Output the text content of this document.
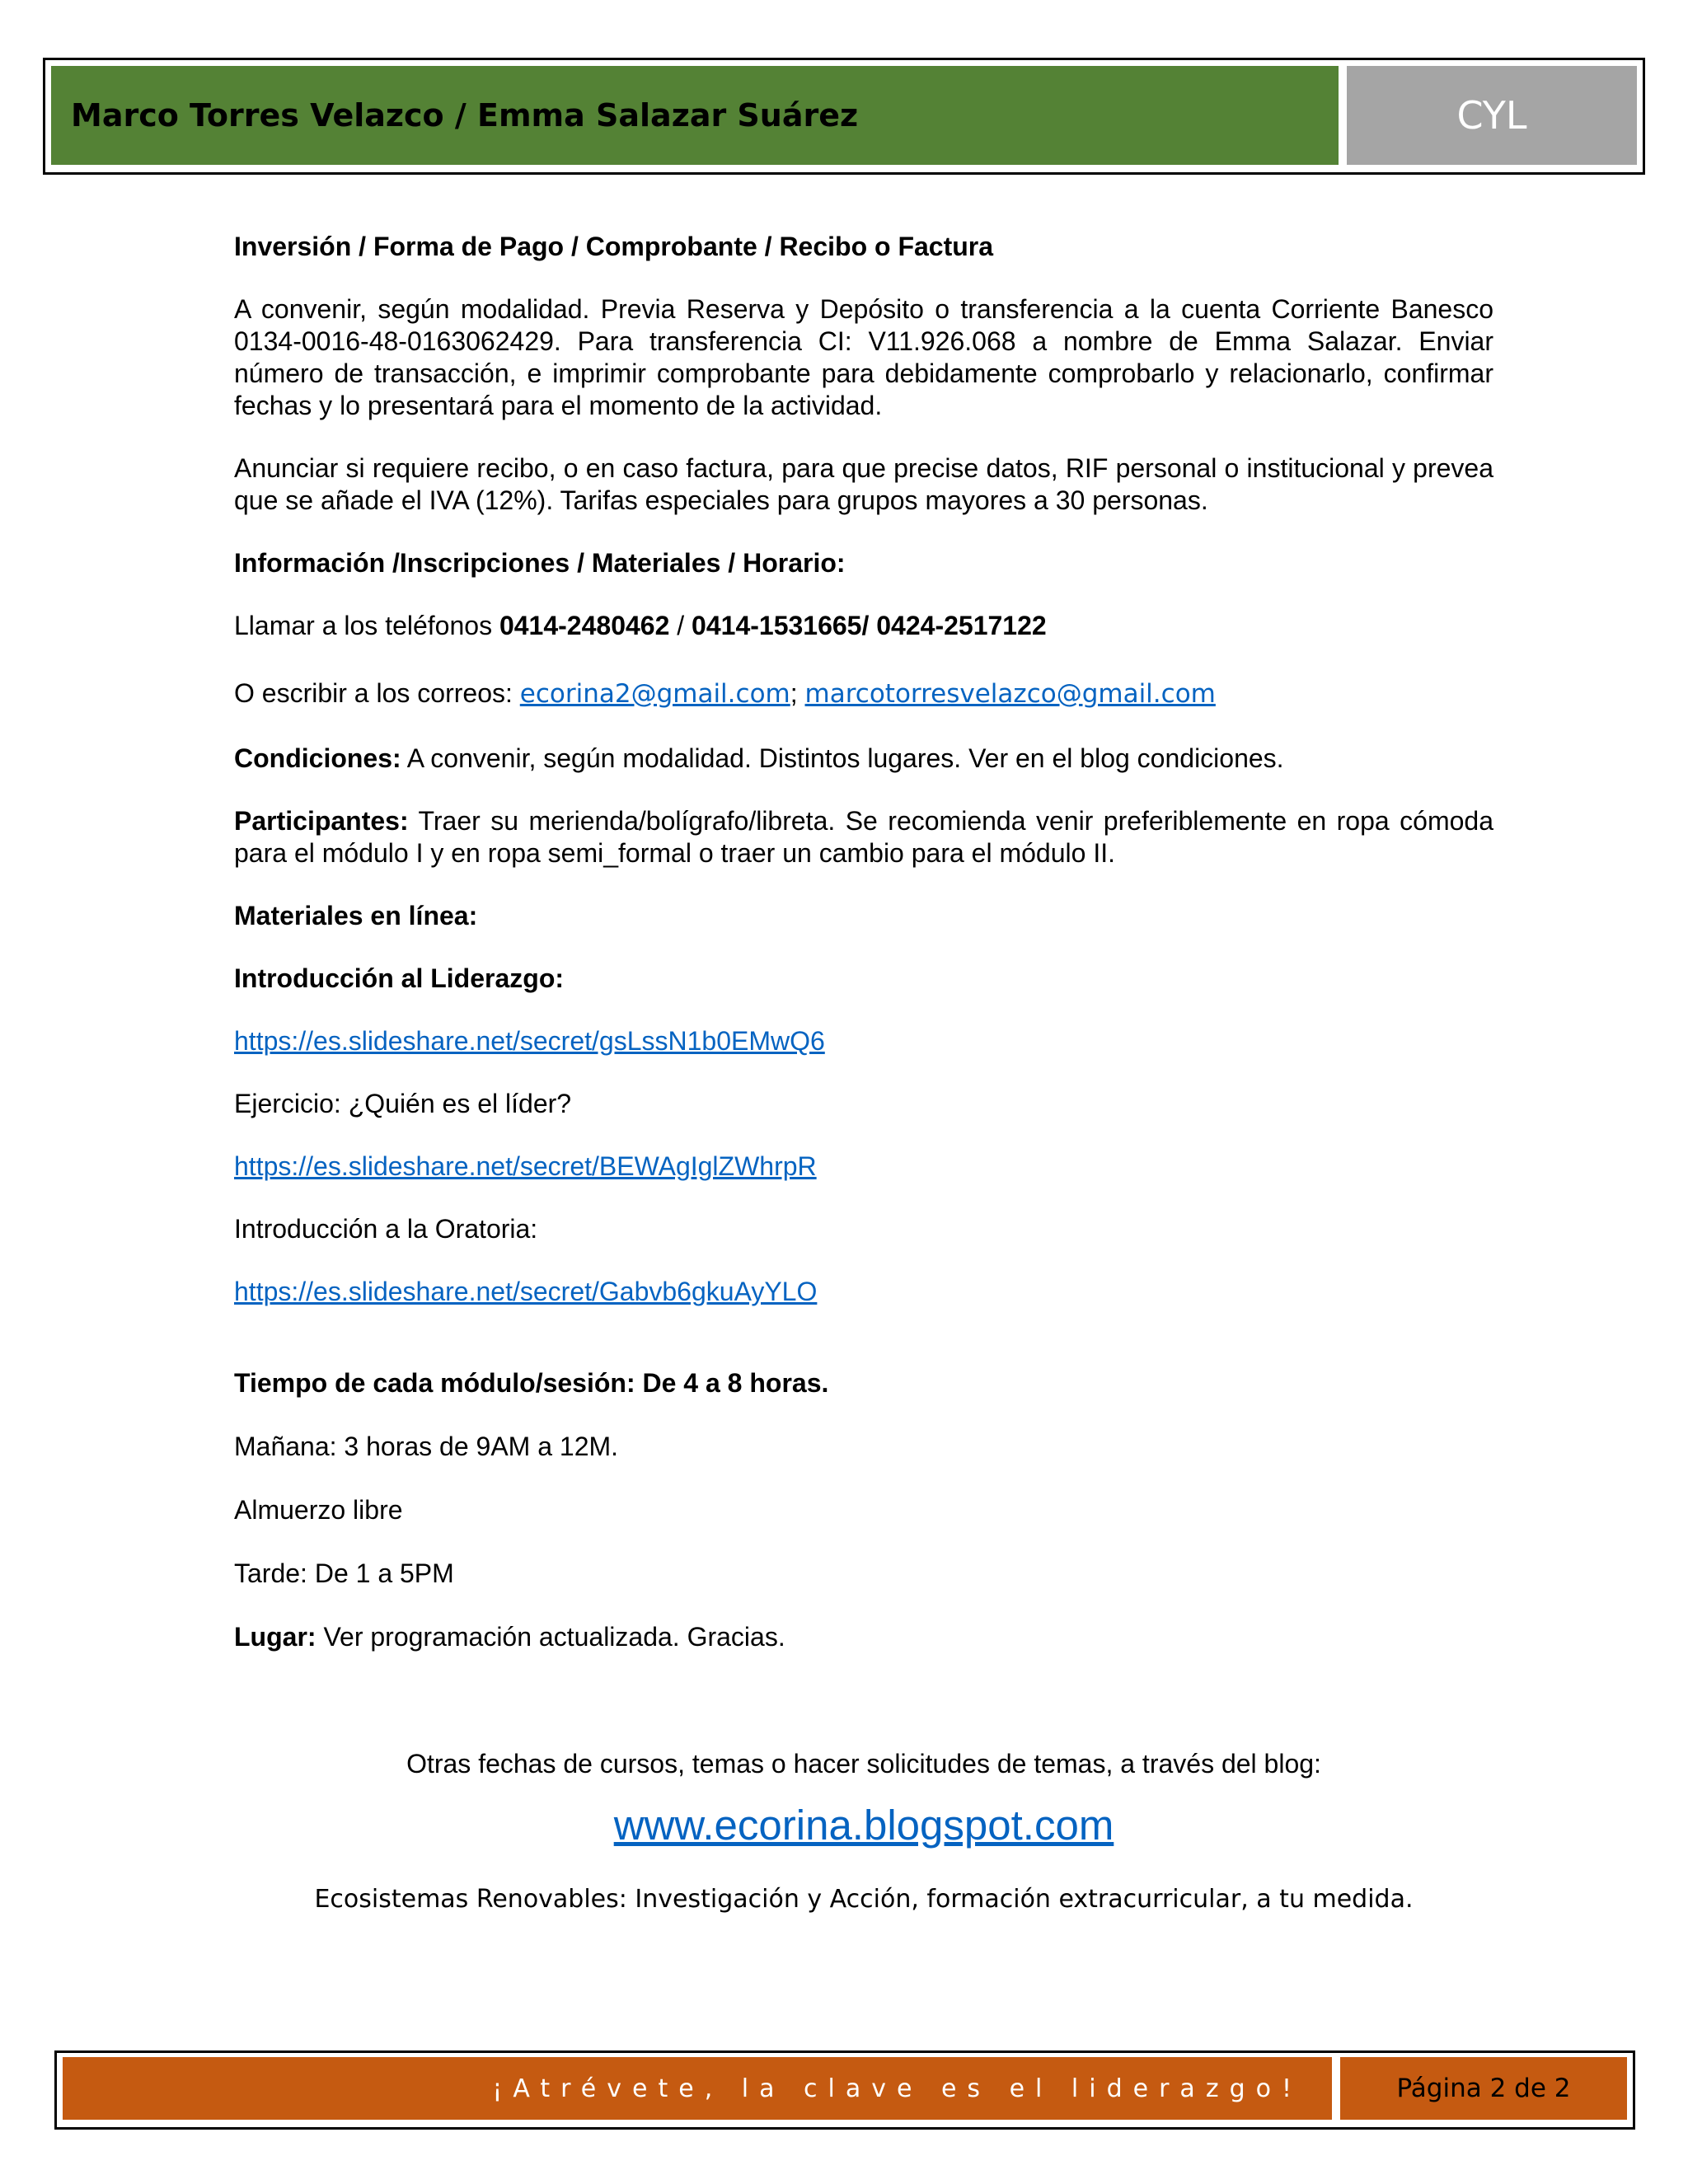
Marco Torres Velazco / Emma Salazar Suárez	CYL

Inversión / Forma de Pago / Comprobante / Recibo o Factura

A convenir, según modalidad. Previa Reserva y Depósito o transferencia a la cuenta Corriente Banesco 0134-0016-48-0163062429. Para transferencia CI: V11.926.068 a nombre de Emma Salazar. Enviar número de transacción, e imprimir comprobante para debidamente comprobarlo y relacionarlo, confirmar fechas y lo presentará para el momento de la actividad.

Anunciar si requiere recibo, o en caso factura, para que precise datos, RIF personal o institucional y prevea que se añade el IVA (12%). Tarifas especiales para grupos mayores a 30 personas.

Información /Inscripciones / Materiales / Horario:

Llamar a los teléfonos 0414-2480462 / 0414-1531665/ 0424-2517122

O escribir a los correos: ecorina2@gmail.com; marcotorresvelazco@gmail.com

Condiciones: A convenir, según modalidad. Distintos lugares. Ver en el blog condiciones.

Participantes: Traer su merienda/bolígrafo/libreta. Se recomienda venir preferiblemente en ropa cómoda para el módulo I y en ropa semi_formal o traer un cambio para el módulo II.

Materiales en línea:

Introducción al Liderazgo:

https://es.slideshare.net/secret/gsLssN1b0EMwQ6

Ejercicio: ¿Quién es el líder?

https://es.slideshare.net/secret/BEWAgIglZWhrpR

Introducción a la Oratoria:

https://es.slideshare.net/secret/Gabvb6gkuAyYLO

Tiempo de cada módulo/sesión: De 4 a 8 horas.

Mañana: 3 horas de 9AM a 12M.

Almuerzo libre

Tarde: De 1 a 5PM

Lugar: Ver programación actualizada. Gracias.

Otras fechas de cursos, temas o hacer solicitudes de temas, a través del blog:

www.ecorina.blogspot.com

Ecosistemas Renovables: Investigación y Acción, formación extracurricular, a tu medida.

¡Atrévete, la clave es el liderazgo!	Página 2 de 2
